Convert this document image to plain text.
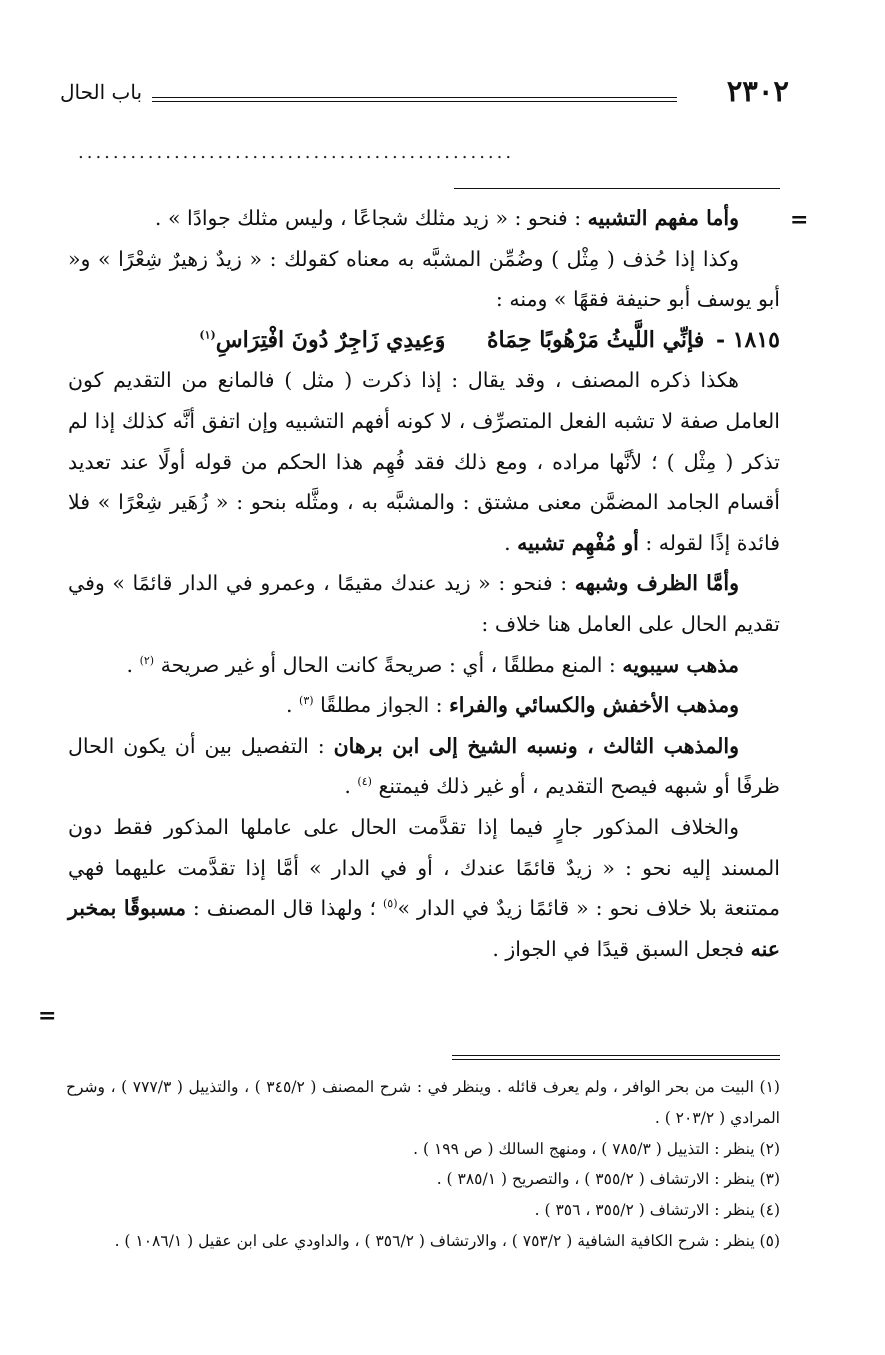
٢٣٠٢
باب الحال
..................................................
=
=

  وأما مفهم التشبيه : فنحو : « زيد مثلك شجاعًا ، وليس مثلك جوادًا » .

  وكذا إذا حُذف ( مِثْل ) وضُمِّن المشبَّه به معناه كقولك : « زيدٌ زهيرٌ شِعْرًا » و« أبو يوسف أبو حنيفة فقهًا » ومنه :

١٨١٥ - فإنِّي اللَّيثُ مَرْهُوبًا حِمَاهُ وَعِيدِي زَاجِرٌ دُونَ افْتِرَاسِ$^{(١)}$

  هكذا ذكره المصنف ، وقد يقال : إذا ذكرت ( مثل ) فالمانع من التقديم كون العامل صفة لا تشبه الفعل المتصرِّف ، لا كونه أفهم التشبيه وإن اتفق أنَّه كذلك إذا لم تذكر ( مِثْل ) ؛ لأنَّها مراده ، ومع ذلك فقد فُهِم هذا الحكم من قوله أولًا عند تعديد أقسام الجامد المضمَّن معنى مشتق : والمشبَّه به ، ومثَّله بنحو : « زُهَير شِعْرًا » فلا فائدة إذًا لقوله : أو مُفْهِم تشبيه .

  وأمَّا الظرف وشبهه : فنحو : « زيد عندك مقيمًا ، وعمرو في الدار قائمًا » وفي تقديم الحال على العامل هنا خلاف :

  مذهب سيبويه : المنع مطلقًا ، أي : صريحةً كانت الحال أو غير صريحة $^{(٢)}$ .

  ومذهب الأخفش والكسائي والفراء : الجواز مطلقًا $^{(٣)}$ .

  والمذهب الثالث ، ونسبه الشيخ إلى ابن برهان : التفصيل بين أن يكون الحال ظرفًا أو شبهه فيصح التقديم ، أو غير ذلك فيمتنع $^{(٤)}$ .

  والخلاف المذكور جارٍ فيما إذا تقدَّمت الحال على عاملها المذكور فقط دون المسند إليه نحو : « زيدٌ قائمًا عندك ، أو في الدار » أمَّا إذا تقدَّمت عليهما فهي ممتنعة بلا خلاف نحو : « قائمًا زيدٌ في الدار »$^{(٥)}$ ؛ ولهذا قال المصنف : مسبوقًا بمخبر عنه فجعل السبق قيدًا في الجواز .

(١) البيت من بحر الوافر ، ولم يعرف قائله . وينظر في : شرح المصنف ( ٣٤٥/٢ ) ، والتذييل ( ٧٧٧/٣ ) ، وشرح المرادي ( ٢٠٣/٢ ) .

(٢) ينظر : التذييل ( ٧٨٥/٣ ) ، ومنهج السالك ( ص ١٩٩ ) .

(٣) ينظر : الارتشاف ( ٣٥٥/٢ ) ، والتصريح ( ٣٨٥/١ ) .

(٤) ينظر : الارتشاف ( ٣٥٥/٢ ، ٣٥٦ ) .

(٥) ينظر : شرح الكافية الشافية ( ٧٥٣/٢ ) ، والارتشاف ( ٣٥٦/٢ ) ، والداودي على ابن عقيل ( ١٠٨٦/١ ) .
